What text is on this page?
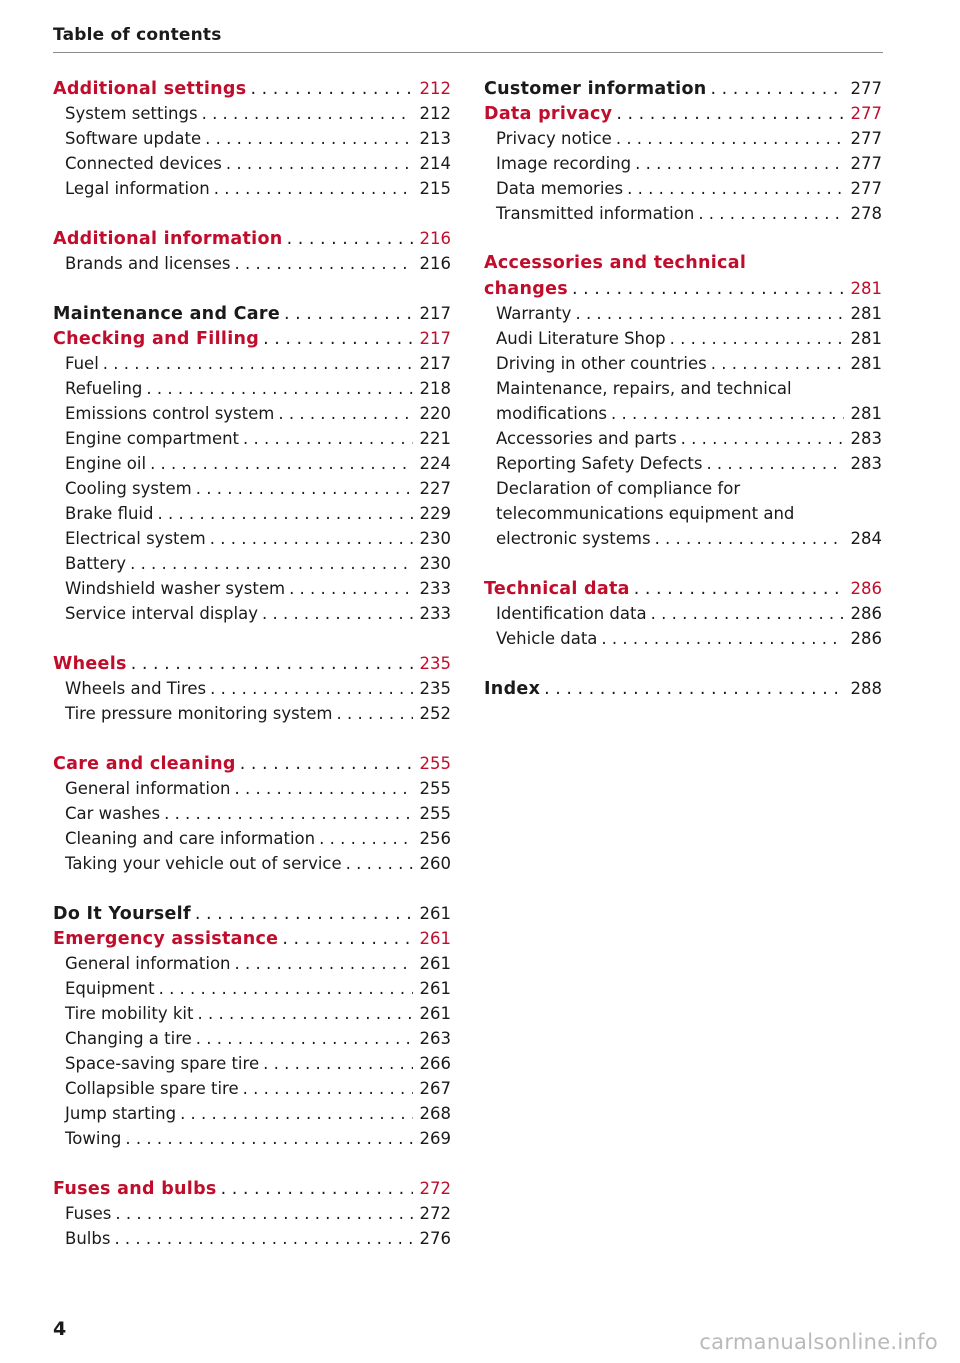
Table of contents
Additional settings . . .	212
System settings . . .	212
Software update . . .	213
Connected devices . . .	214
Legal information . . .	215
Additional information . . .	216
Brands and licenses . . .	216
Maintenance and Care . . .	217
Checking and Filling . . .	217
Fuel . . .	217
Refueling . . .	218
Emissions control system . . .	220
Engine compartment . . .	221
Engine oil . . .	224
Cooling system . . .	227
Brake fluid . . .	229
Electrical system . . .	230
Battery . . .	230
Windshield washer system . . .	233
Service interval display . . .	233
Wheels . . .	235
Wheels and Tires . . .	235
Tire pressure monitoring system . . .	252
Care and cleaning . . .	255
General information . . .	255
Car washes . . .	255
Cleaning and care information . . .	256
Taking your vehicle out of service . . .	260
Do It Yourself . . .	261
Emergency assistance . . .	261
General information . . .	261
Equipment . . .	261
Tire mobility kit . . .	261
Changing a tire . . .	263
Space-saving spare tire . . .	266
Collapsible spare tire . . .	267
Jump starting . . .	268
Towing . . .	269
Fuses and bulbs . . .	272
Fuses . . .	272
Bulbs . . .	276
Customer information . . .	277
Data privacy . . .	277
Privacy notice . . .	277
Image recording . . .	277
Data memories . . .	277
Transmitted information . . .	278
Accessories and technical
changes . . .	281
Warranty . . .	281
Audi Literature Shop . . .	281
Driving in other countries . . .	281
Maintenance, repairs, and technical
modifications . . .	281
Accessories and parts . . .	283
Reporting Safety Defects . . .	283
Declaration of compliance for
telecommunications equipment and
electronic systems . . .	284
Technical data . . .	286
Identification data . . .	286
Vehicle data . . .	286
Index . . .	288
4
carmanualsonline.info
